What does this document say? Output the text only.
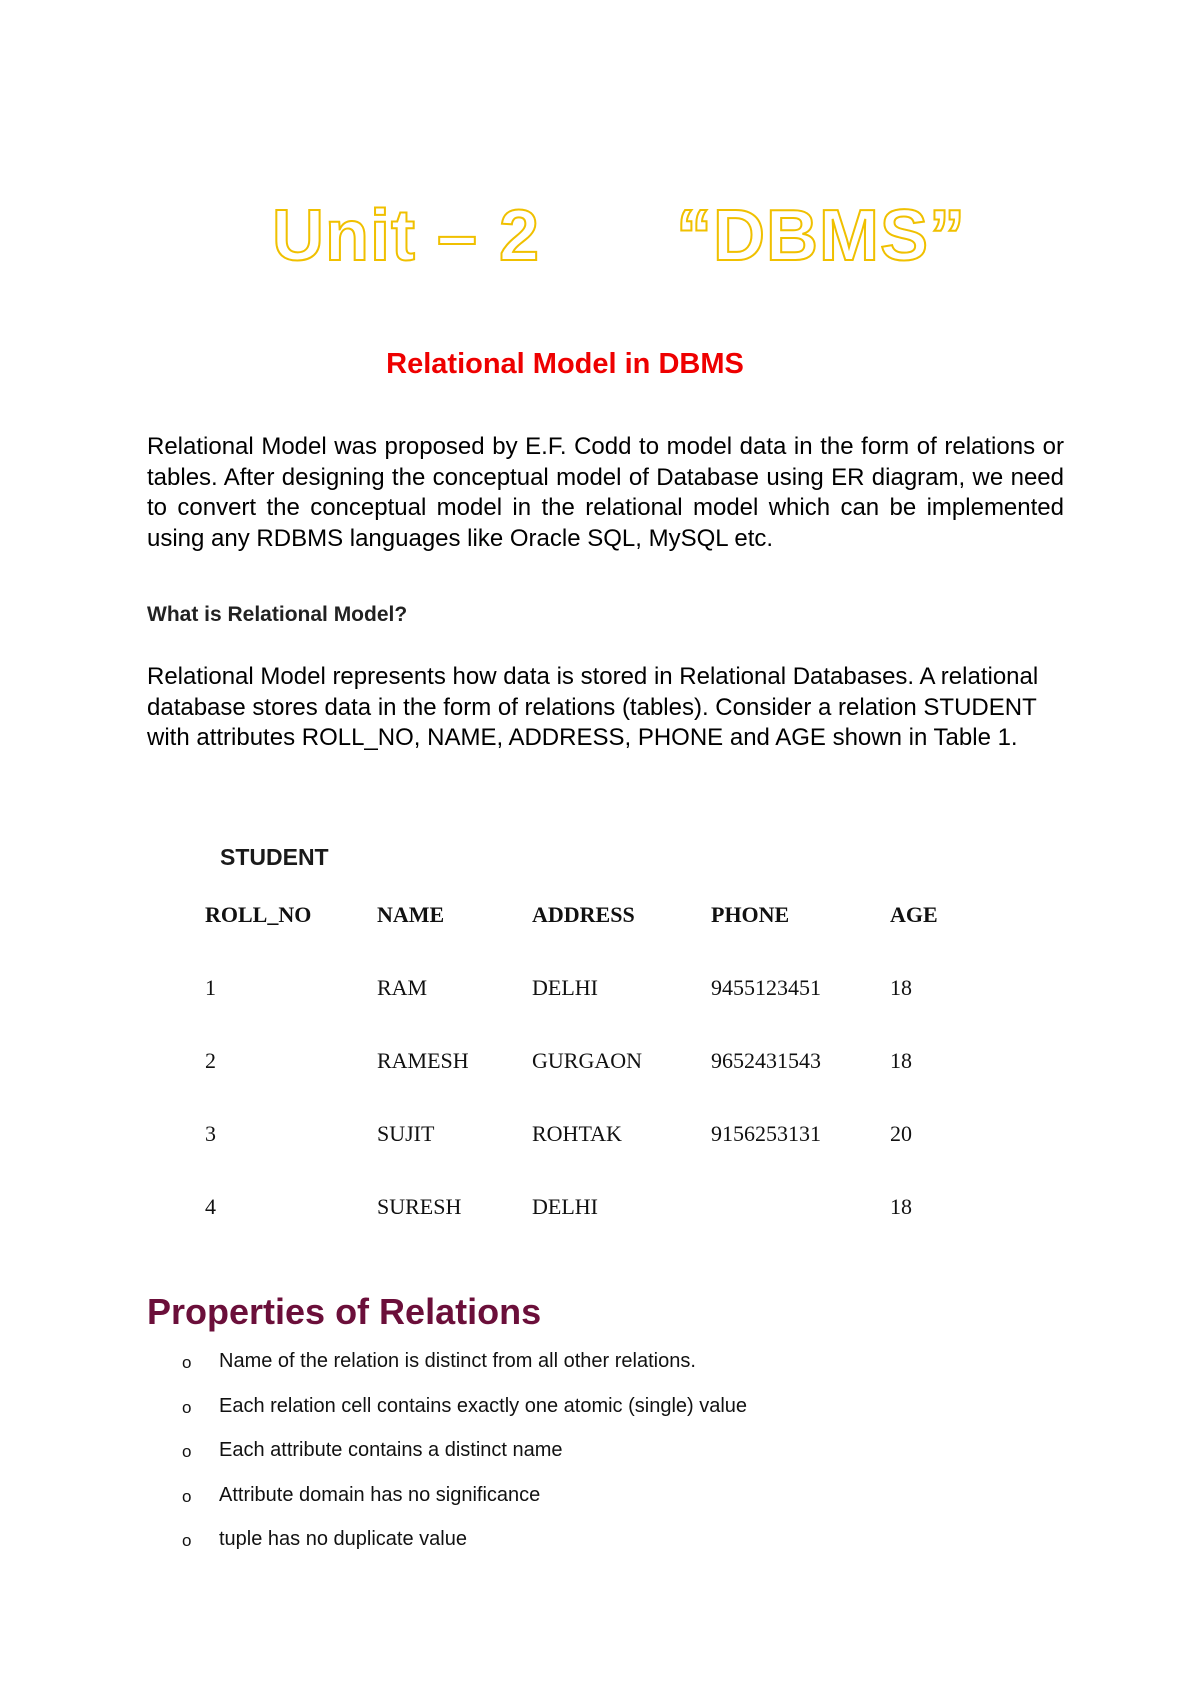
Unit – 2 “DBMS”
Relational Model in DBMS

Relational Model was proposed by E.F. Codd to model data in the form of relations or tables. After designing the conceptual model of Database using ER diagram, we need to convert the conceptual model in the relational model which can be implemented using any RDBMS languages like Oracle SQL, MySQL etc.

What is Relational Model?

Relational Model represents how data is stored in Relational Databases. A relational database stores data in the form of relations (tables). Consider a relation STUDENT with attributes ROLL_NO, NAME, ADDRESS, PHONE and AGE shown in Table 1.

STUDENT
ROLL_NO	NAME	ADDRESS	PHONE	AGE
1	RAM	DELHI	9455123451	18
2	RAMESH	GURGAON	9652431543	18
3	SUJIT	ROHTAK	9156253131	20
4	SURESH	DELHI		18
Properties of Relations
o	Name of the relation is distinct from all other relations.
o	Each relation cell contains exactly one atomic (single) value
o	Each attribute contains a distinct name
o	Attribute domain has no significance
o	tuple has no duplicate value
